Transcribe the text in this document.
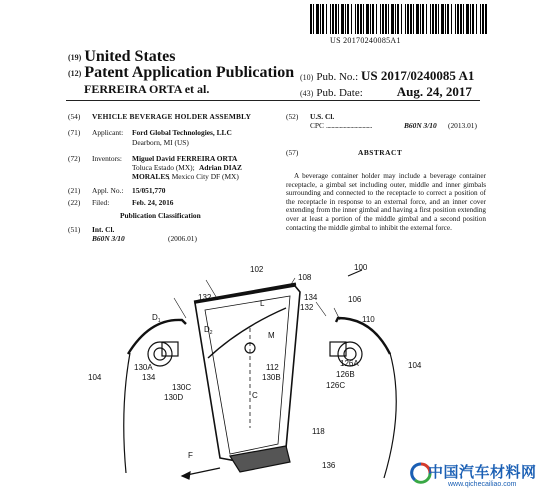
US 20170240085A1
(19) United States
(12) Patent Application Publication
FERREIRA ORTA et al.
(10) Pub. No.: US 2017/0240085 A1
(43) Pub. Date:	Aug. 24, 2017
(54) VEHICLE BEVERAGE HOLDER ASSEMBLY
(71) Applicant: Ford Global Technologies, LLC
Dearborn, MI (US)
(72) Inventors: Miguel David FERREIRA ORTA
Toluca Estado (MX); Adrian DIAZ
MORALES
, Mexico City DF (MX)
(21) Appl. No.: 15/051,770
(22) Filed:	Feb. 24, 2016
Publication Classification
(51) Int. Cl.
B60N 3/10	(2006.01)
(52) U.S. Cl.
CPC ..................................	B60N 3/10 (2013.01)
(57)	ABSTRACT
A beverage container holder may include a beverage container receptacle, a gimbal set including outer, middle and inner gimbals surrounding and connected to the receptacle to correct a position of the receptacle in response to an external force, and an inner cover extending from the inner gimbal and having a first position extending over at least a portion of the middle gimbal and a second position contacting the middle gimbal to inhibit the external force.
100
102
108
132	134
132
106
L
$D_1$
$D_2$
110
M
112
130B
126A
126B
126C
130A
134
130C
130D
104
104
C
118
F
136	中国汽车材料网
www.qichecailiao.com
